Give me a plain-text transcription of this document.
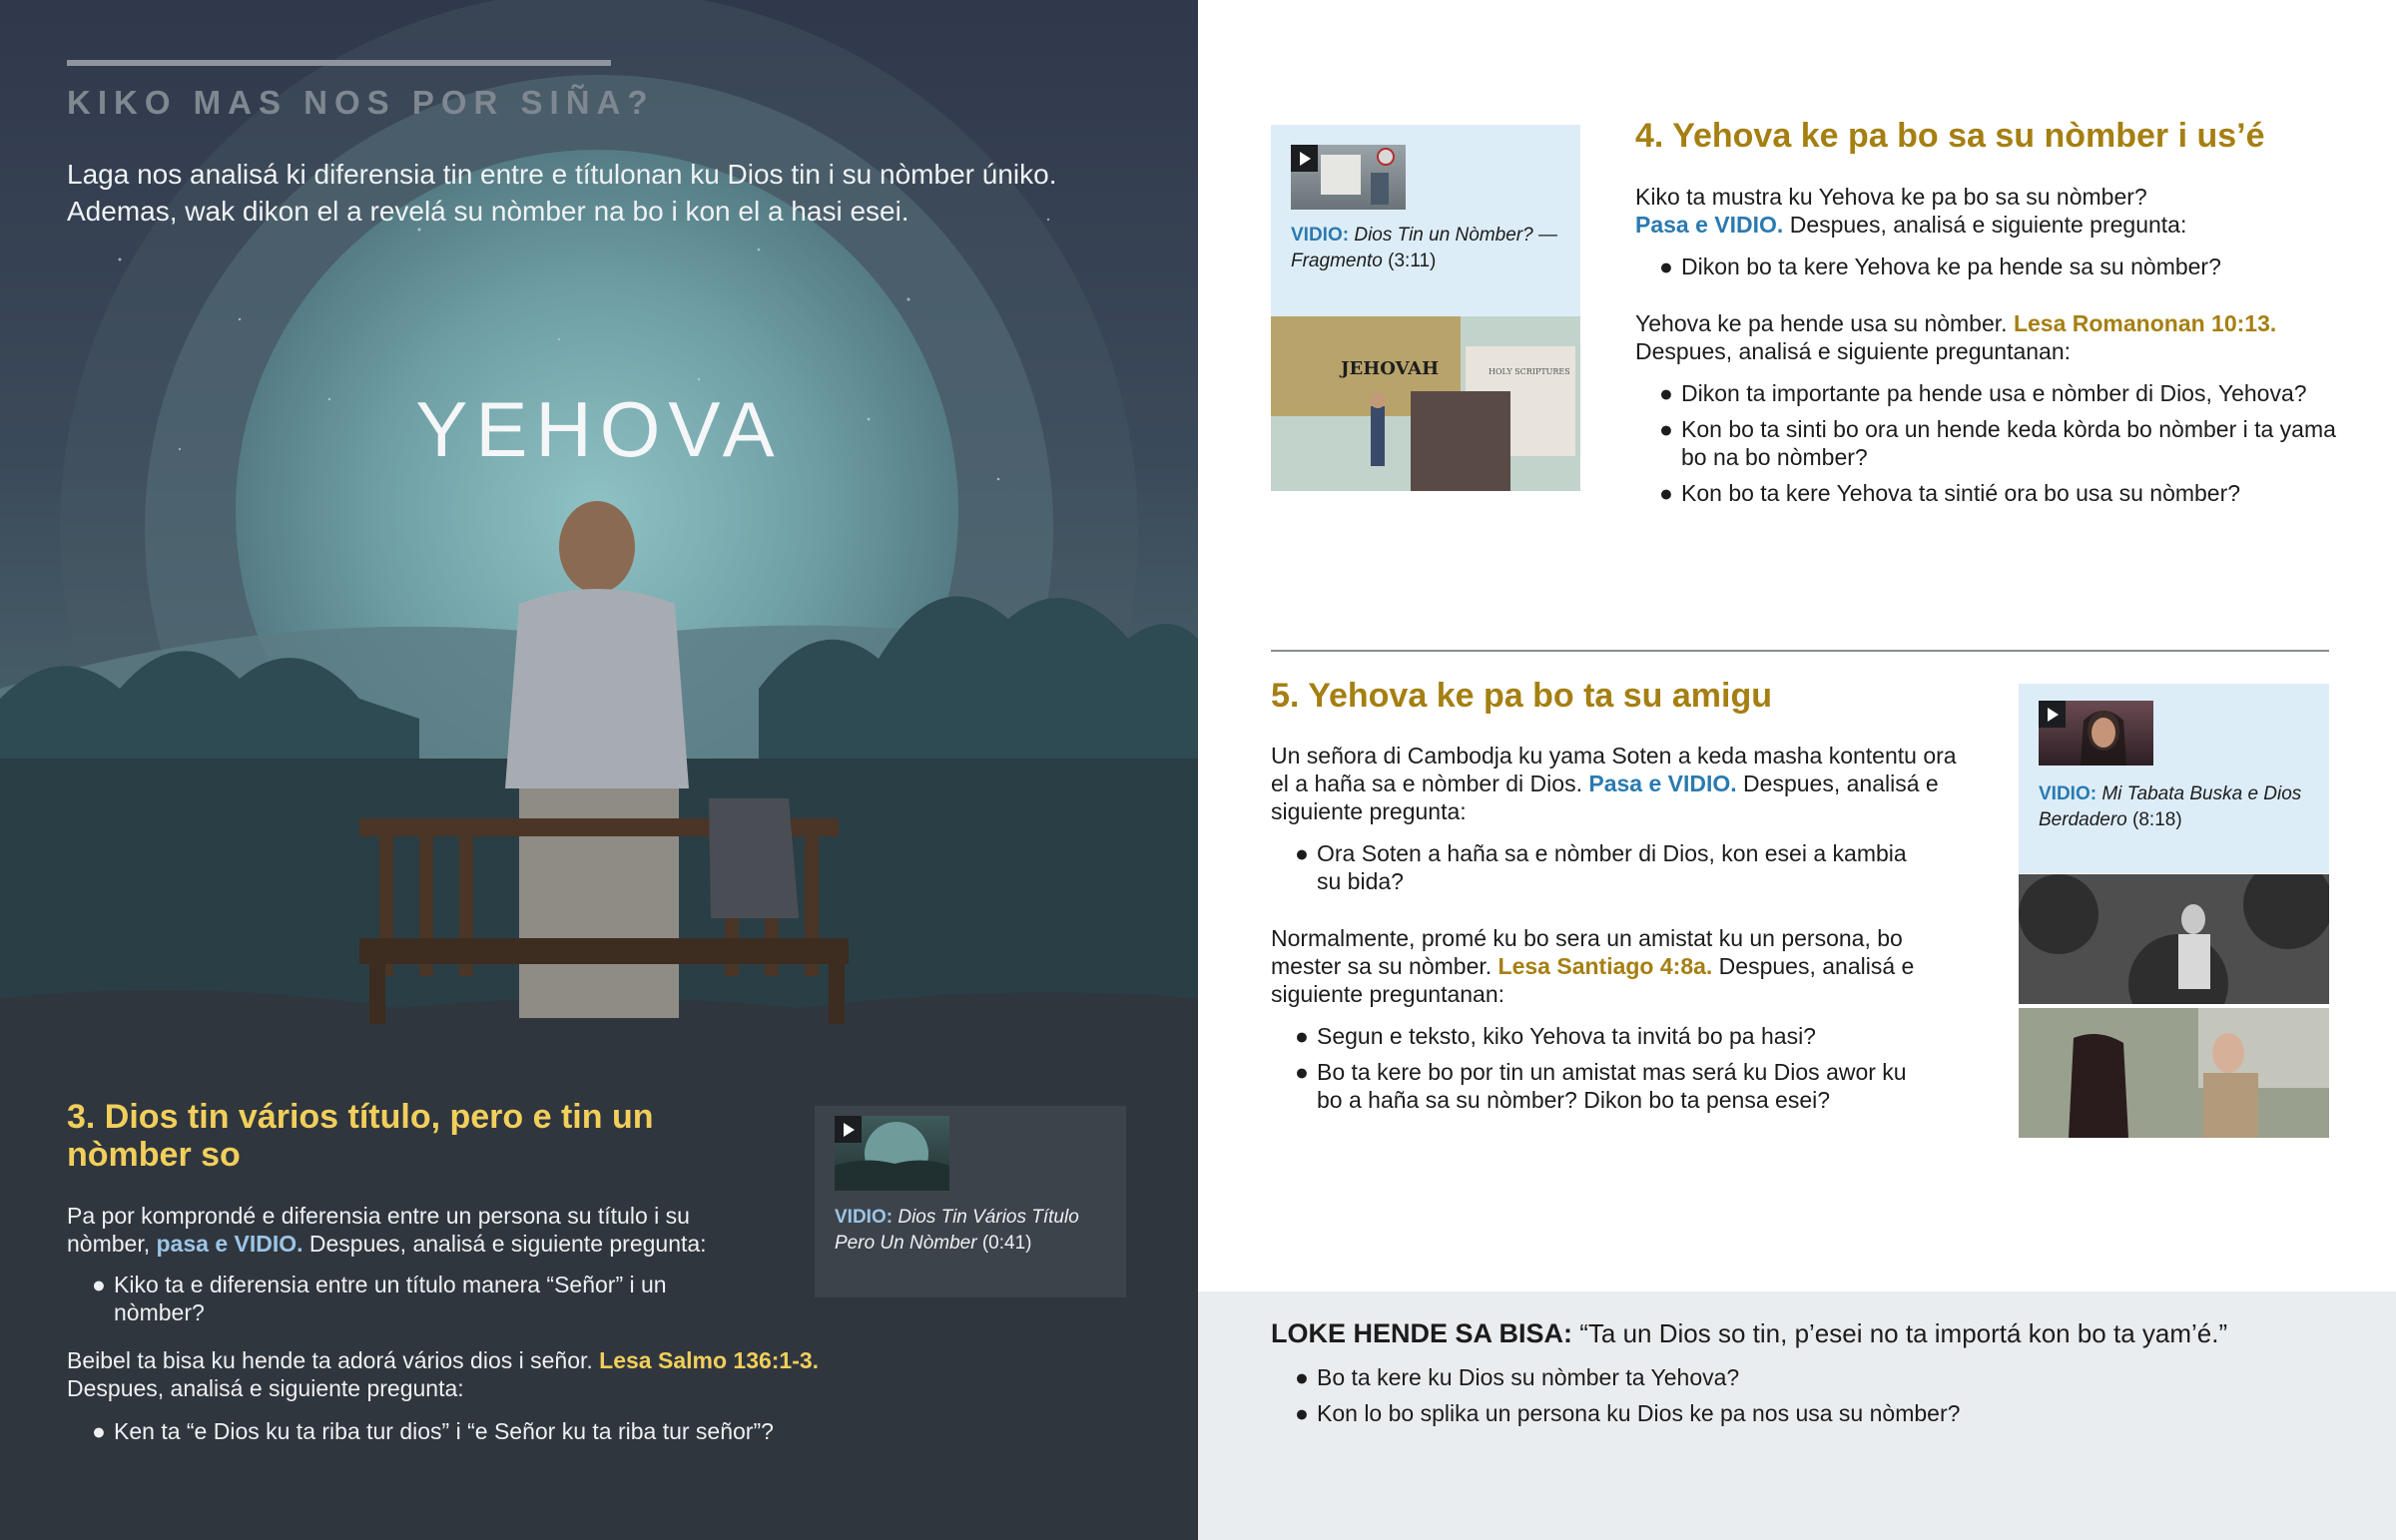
KIKO MAS NOS POR SIÑA?
Laga nos analisá ki diferensia tin entre e títulonan ku Dios tin i su nòmber úniko. Ademas, wak dikon el a revelá su nòmber na bo i kon el a hasi esei.
YEHOVA
3. Dios tin vários título, pero e tin un nòmber so
Pa por komprondé e diferensia entre un persona su título i su nòmber, pasa e VIDIO. Despues, analisá e siguiente pregunta:
● Kiko ta e diferensia entre un título manera “Señor” i un nòmber?
Beibel ta bisa ku hende ta adorá vários dios i señor. Lesa Salmo 136:1-3. Despues, analisá e siguiente pregunta:
● Ken ta “e Dios ku ta riba tur dios” i “e Señor ku ta riba tur señor”?
VIDIO: Dios Tin Vários Título Pero Un Nòmber (0:41)
VIDIO: Dios Tin un Nòmber? —Fragmento (3:11)
JEHOVAH	HOLY SCRIPTURES
4. Yehova ke pa bo sa su nòmber i us’é
Kiko ta mustra ku Yehova ke pa bo sa su nòmber?
Pasa e VIDIO. Despues, analisá e siguiente pregunta:
● Dikon bo ta kere Yehova ke pa hende sa su nòmber?
Yehova ke pa hende usa su nòmber. Lesa Romanonan 10:13.
Despues, analisá e siguiente preguntanan:
● Dikon ta importante pa hende usa e nòmber di Dios, Yehova?
● Kon bo ta sinti bo ora un hende keda kòrda bo nòmber i ta yama bo na bo nòmber?
● Kon bo ta kere Yehova ta sintié ora bo usa su nòmber?
5. Yehova ke pa bo ta su amigu
Un señora di Cambodja ku yama Soten a keda masha kontentu ora el a haña sa e nòmber di Dios. Pasa e VIDIO. Despues, analisá e siguiente pregunta:
● Ora Soten a haña sa e nòmber di Dios, kon esei a kambia su bida?
Normalmente, promé ku bo sera un amistat ku un persona, bo mester sa su nòmber. Lesa Santiago 4:8a. Despues, analisá e siguiente preguntanan:
● Segun e teksto, kiko Yehova ta invitá bo pa hasi?
● Bo ta kere bo por tin un amistat mas será ku Dios awor ku bo a haña sa su nòmber? Dikon bo ta pensa esei?
VIDIO: Mi Tabata Buska e Dios Berdadero (8:18)
LOKE HENDE SA BISA: “Ta un Dios so tin, p’esei no ta importá kon bo ta yam’é.”
● Bo ta kere ku Dios su nòmber ta Yehova?
● Kon lo bo splika un persona ku Dios ke pa nos usa su nòmber?
